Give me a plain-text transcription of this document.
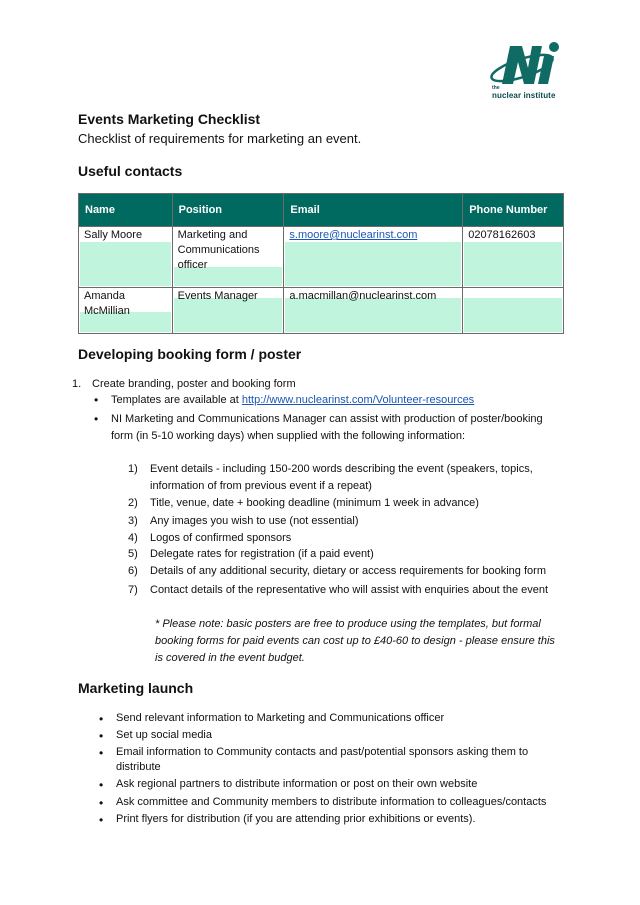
the
nuclear institute
Events Marketing Checklist
Checklist of requirements for marketing an event.
Useful contacts
Name	Position	Email	Phone Number

Sally Moore	Marketing and Communications officer	s.moore@nuclearinst.com	02078162603

Amanda McMillian	Events Manager	a.macmillan@nuclearinst.com	

Developing booking form / poster
1. Create branding, poster and booking form
• Templates are available at http://www.nuclearinst.com/Volunteer-resources
• NI Marketing and Communications Manager can assist with production of poster/booking form (in 5-10 working days) when supplied with the following information:
1) Event details - including 150-200 words describing the event (speakers, topics, information of from previous event if a repeat)
2) Title, venue, date + booking deadline (minimum 1 week in advance)
3) Any images you wish to use (not essential)
4) Logos of confirmed sponsors
5) Delegate rates for registration (if a paid event)
6) Details of any additional security, dietary or access requirements for booking form
7) Contact details of the representative who will assist with enquiries about the event
* Please note: basic posters are free to produce using the templates, but formal booking forms for paid events can cost up to £40-60 to design - please ensure this is covered in the event budget.
Marketing launch
• Send relevant information to Marketing and Communications officer
• Set up social media
• Email information to Community contacts and past/potential sponsors asking them to distribute
• Ask regional partners to distribute information or post on their own website
• Ask committee and Community members to distribute information to colleagues/contacts
• Print flyers for distribution (if you are attending prior exhibitions or events).
